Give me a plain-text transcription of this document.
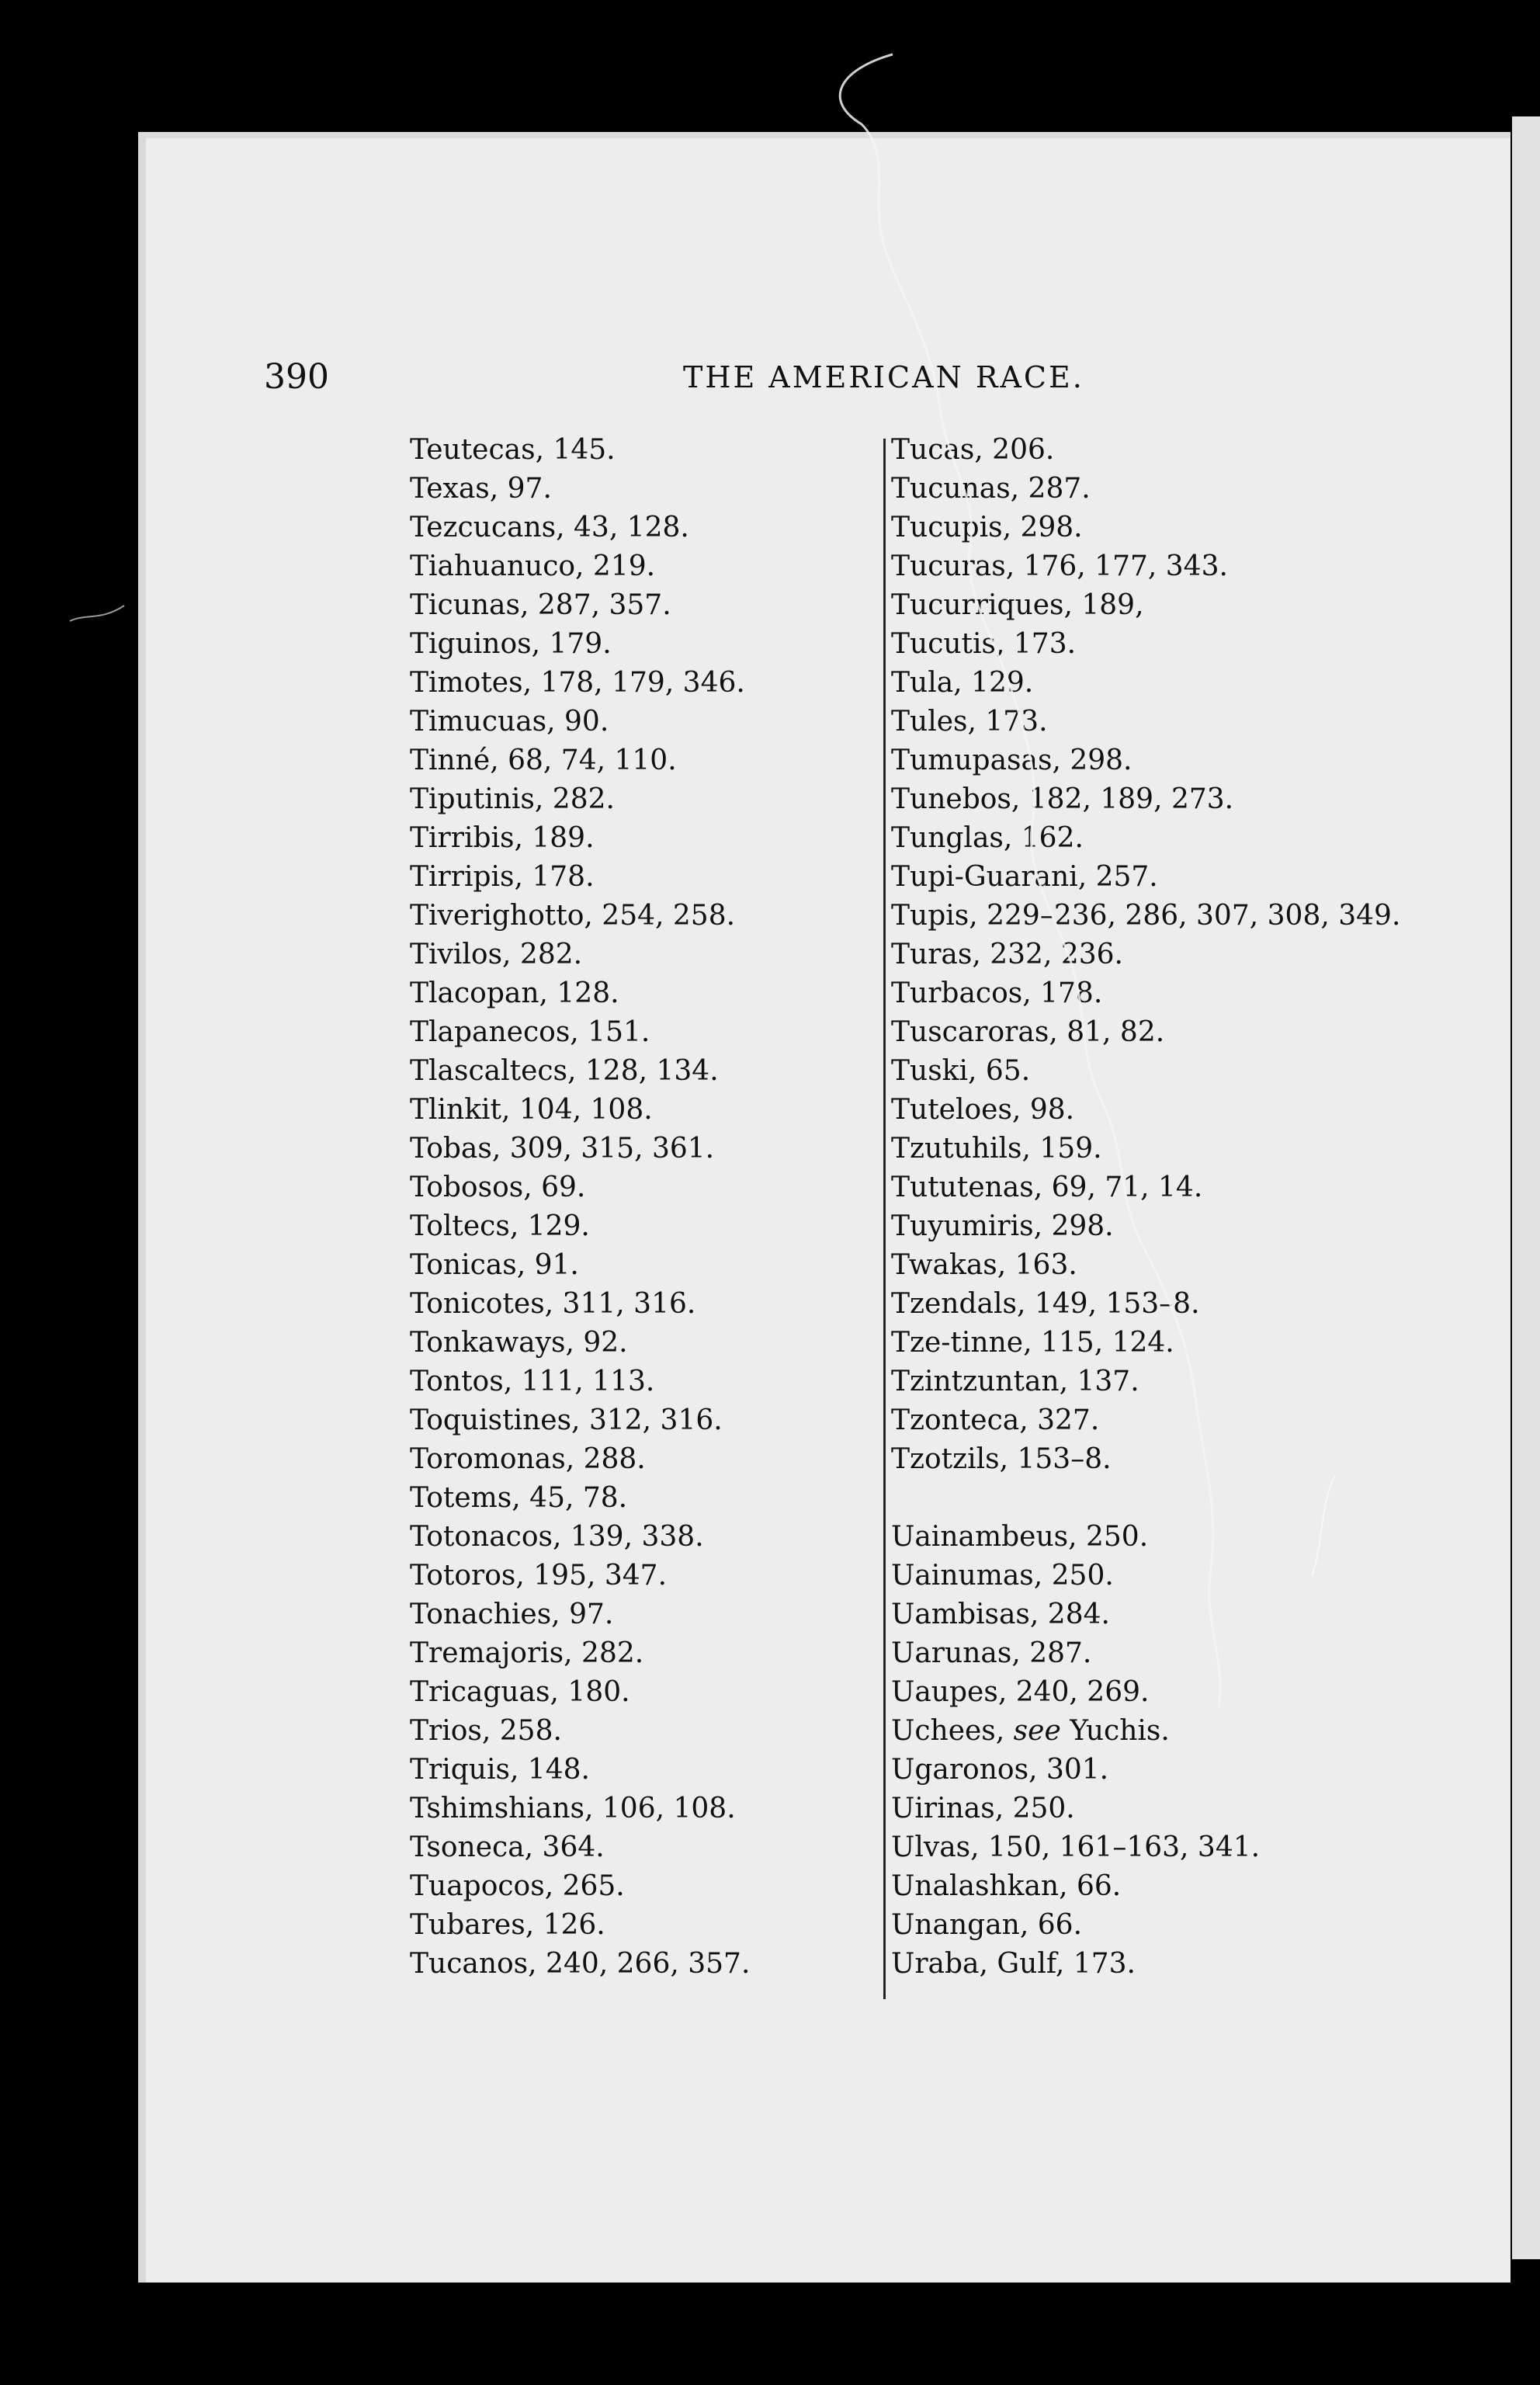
390	THE AMERICAN RACE.
Teutecas, 145.
Texas, 97.
Tezcucans, 43, 128.
Tiahuanuco, 219.
Ticunas, 287, 357.
Tiguinos, 179.
Timotes, 178, 179, 346.
Timucuas, 90.
Tinné, 68, 74, 110.
Tiputinis, 282.
Tirribis, 189.
Tirripis, 178.
Tiverighotto, 254, 258.
Tivilos, 282.
Tlacopan, 128.
Tlapanecos, 151.
Tlascaltecs, 128, 134.
Tlinkit, 104, 108.
Tobas, 309, 315, 361.
Tobosos, 69.
Toltecs, 129.
Tonicas, 91.
Tonicotes, 311, 316.
Tonkaways, 92.
Tontos, 111, 113.
Toquistines, 312, 316.
Toromonas, 288.
Totems, 45, 78.
Totonacos, 139, 338.
Totoros, 195, 347.
Tonachies, 97.
Tremajoris, 282.
Tricaguas, 180.
Trios, 258.
Triquis, 148.
Tshimshians, 106, 108.
Tsoneca, 364.
Tuapocos, 265.
Tubares, 126.
Tucanos, 240, 266, 357.
Tucas, 206.
Tucunas, 287.
Tucupis, 298.
Tucuras, 176, 177, 343.
Tucurriques, 189,
Tucutis, 173.
Tula, 129.
Tules, 173.
Tumupasas, 298.
Tunebos, 182, 189, 273.
Tunglas, 162.
Tupi-Guarani, 257.
Tupis, 229–236, 286, 307, 308, 349.
Turas, 232, 236.
Turbacos, 178.
Tuscaroras, 81, 82.
Tuski, 65.
Tuteloes, 98.
Tzutuhils, 159.
Tututenas, 69, 71, 14.
Tuyumiris, 298.
Twakas, 163.
Tzendals, 149, 153–8.
Tze-tinne, 115, 124.
Tzintzuntan, 137.
Tzonteca, 327.
Tzotzils, 153–8.
Uainambeus, 250.
Uainumas, 250.
Uambisas, 284.
Uarunas, 287.
Uaupes, 240, 269.
Uchees, see Yuchis.
Ugaronos, 301.
Uirinas, 250.
Ulvas, 150, 161–163, 341.
Unalashkan, 66.
Unangan, 66.
Uraba, Gulf, 173.
